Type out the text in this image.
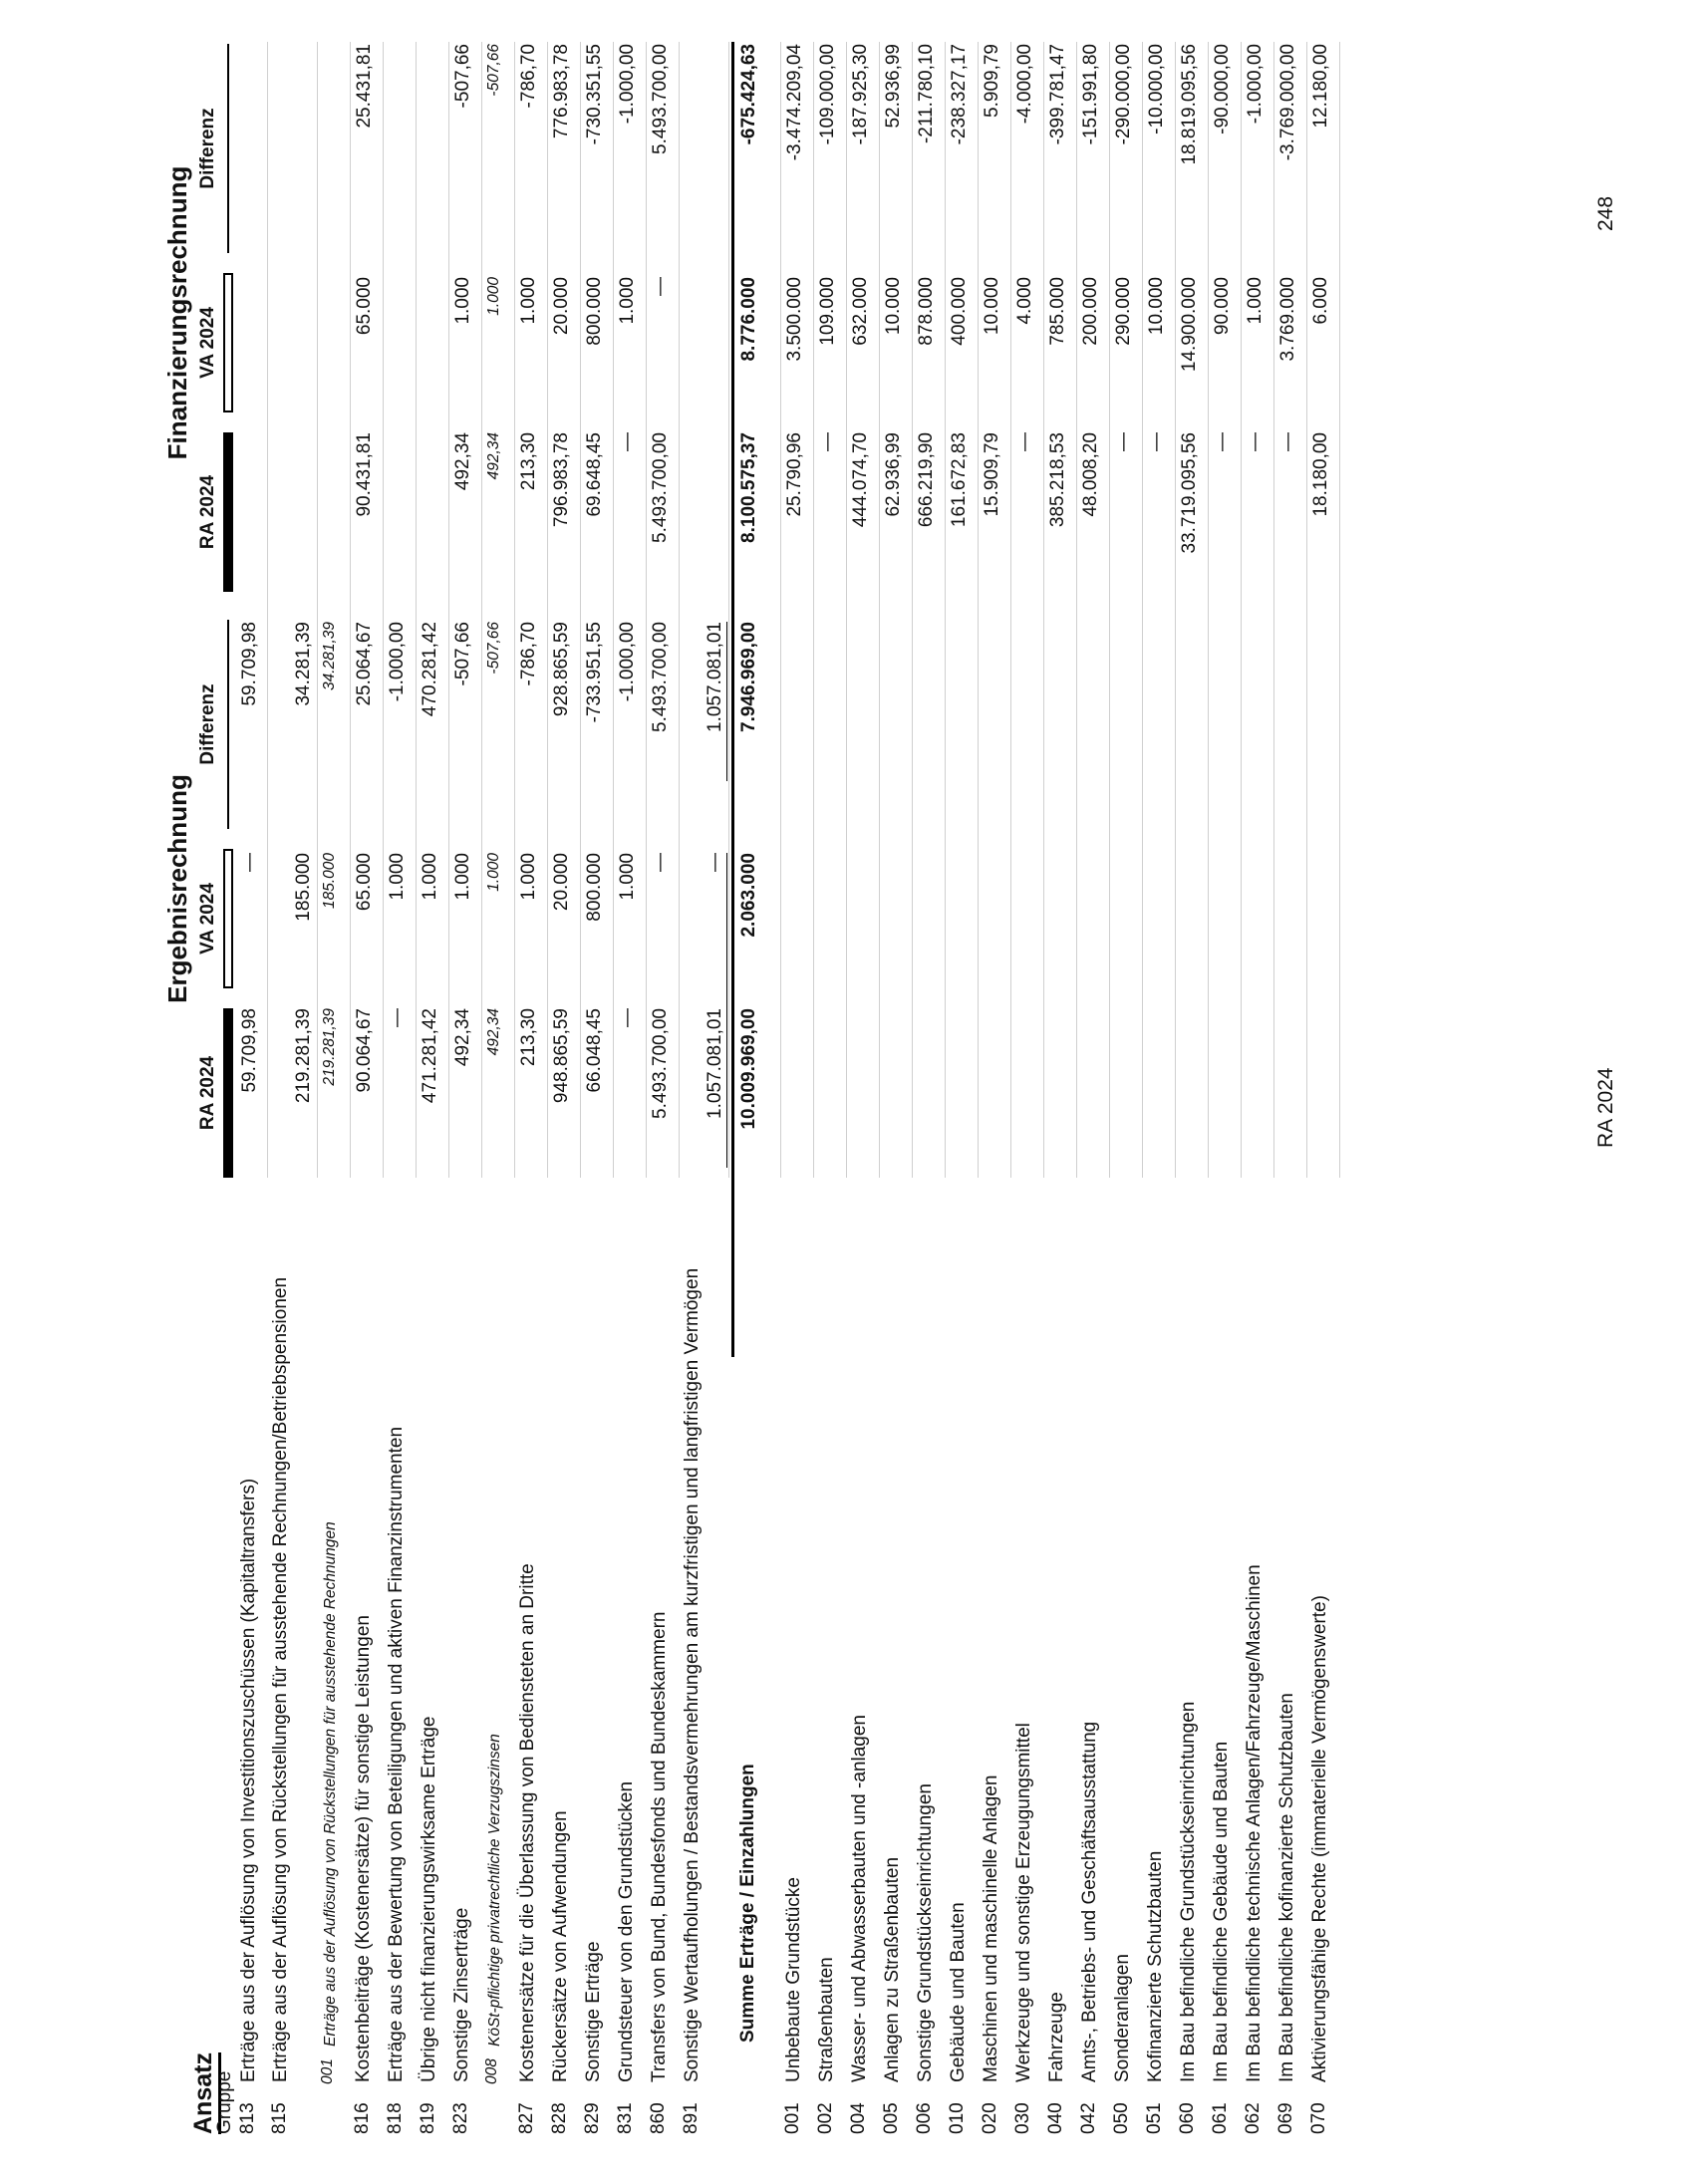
Ansatz
Gruppe
Ergebnisrechnung
Finanzierungsrechnung
RA 2024
VA 2024
Differenz
RA 2024
VA 2024
Differenz
813
Erträge aus der Auflösung von Investitionszuschüssen (Kapitaltransfers)
59.709,98
—
59.709,98
815
Erträge aus der Auflösung von Rückstellungen für ausstehende Rechnungen/Betriebspensionen
219.281,39
185.000
34.281,39
001
Erträge aus der Auflösung von Rückstellungen für ausstehende Rechnungen
219.281,39
185.000
34.281,39
816
Kostenbeiträge (Kostenersätze) für sonstige Leistungen
90.064,67
65.000
25.064,67
90.431,81
65.000
25.431,81
818
Erträge aus der Bewertung von Beteiligungen und aktiven Finanzinstrumenten
—
1.000
-1.000,00
819
Übrige nicht finanzierungswirksame Erträge
471.281,42
1.000
470.281,42
823
Sonstige Zinserträge
492,34
1.000
-507,66
492,34
1.000
-507,66
008
KöSt-pflichtige privatrechtliche Verzugszinsen
492,34
1.000
-507,66
492,34
1.000
-507,66
827
Kostenersätze für die Überlassung von Bediensteten an Dritte
213,30
1.000
-786,70
213,30
1.000
-786,70
828
Rückersätze von Aufwendungen
948.865,59
20.000
928.865,59
796.983,78
20.000
776.983,78
829
Sonstige Erträge
66.048,45
800.000
-733.951,55
69.648,45
800.000
-730.351,55
831
Grundsteuer von den Grundstücken
—
1.000
-1.000,00
—
1.000
-1.000,00
860
Transfers von Bund, Bundesfonds und Bundeskammern
5.493.700,00
—
5.493.700,00
5.493.700,00
—
5.493.700,00
891
Sonstige Wertaufholungen / Bestandsvermehrungen am kurzfristigen und langfristigen Vermögen
1.057.081,01
—
1.057.081,01
Summe Erträge / Einzahlungen
10.009.969,00
2.063.000
7.946.969,00
8.100.575,37
8.776.000
-675.424,63
001
Unbebaute Grundstücke
25.790,96
3.500.000
-3.474.209,04
002
Straßenbauten
—
109.000
-109.000,00
004
Wasser- und Abwasserbauten und -anlagen
444.074,70
632.000
-187.925,30
005
Anlagen zu Straßenbauten
62.936,99
10.000
52.936,99
006
Sonstige Grundstückseinrichtungen
666.219,90
878.000
-211.780,10
010
Gebäude und Bauten
161.672,83
400.000
-238.327,17
020
Maschinen und maschinelle Anlagen
15.909,79
10.000
5.909,79
030
Werkzeuge und sonstige Erzeugungsmittel
—
4.000
-4.000,00
040
Fahrzeuge
385.218,53
785.000
-399.781,47
042
Amts-, Betriebs- und Geschäftsausstattung
48.008,20
200.000
-151.991,80
050
Sonderanlagen
—
290.000
-290.000,00
051
Kofinanzierte Schutzbauten
—
10.000
-10.000,00
060
Im Bau befindliche Grundstückseinrichtungen
33.719.095,56
14.900.000
18.819.095,56
061
Im Bau befindliche Gebäude und Bauten
—
90.000
-90.000,00
062
Im Bau befindliche technische Anlagen/Fahrzeuge/Maschinen
—
1.000
-1.000,00
069
Im Bau befindliche kofinanzierte Schutzbauten
—
3.769.000
-3.769.000,00
070
Aktivierungsfähige Rechte (immaterielle Vermögenswerte)
18.180,00
6.000
12.180,00
RA 2024
248
